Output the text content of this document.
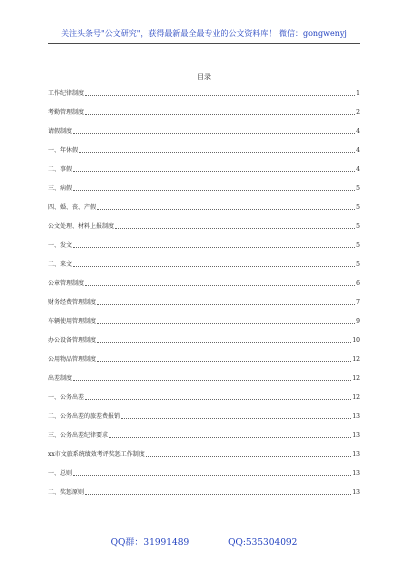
关注头条号"公文研究"，获得最新最全最专业的公文资料库！ 微信：gongwenyj
目录
工作纪律制度	1
考勤管理制度	2
请假制度	4
一、年休假	4
二、事假	4
三、病假	5
四、婚、丧、产假	5
公文处理、材料上报制度	5
一、发文	5
二、来文	5
公章管理制度	6
财务经费管理制度	7
车辆使用管理制度	9
办公设备管理制度	10
公用物品管理制度	12
出差制度	12
一、公务出差	12
二、公务出差的旅差费报销	13
三、公务出差纪律要求	13
xx市文旅系统绩效考评奖惩工作制度	13
一、总则	13
二、奖惩原则	13
QQ群：31991489	QQ:535304092
